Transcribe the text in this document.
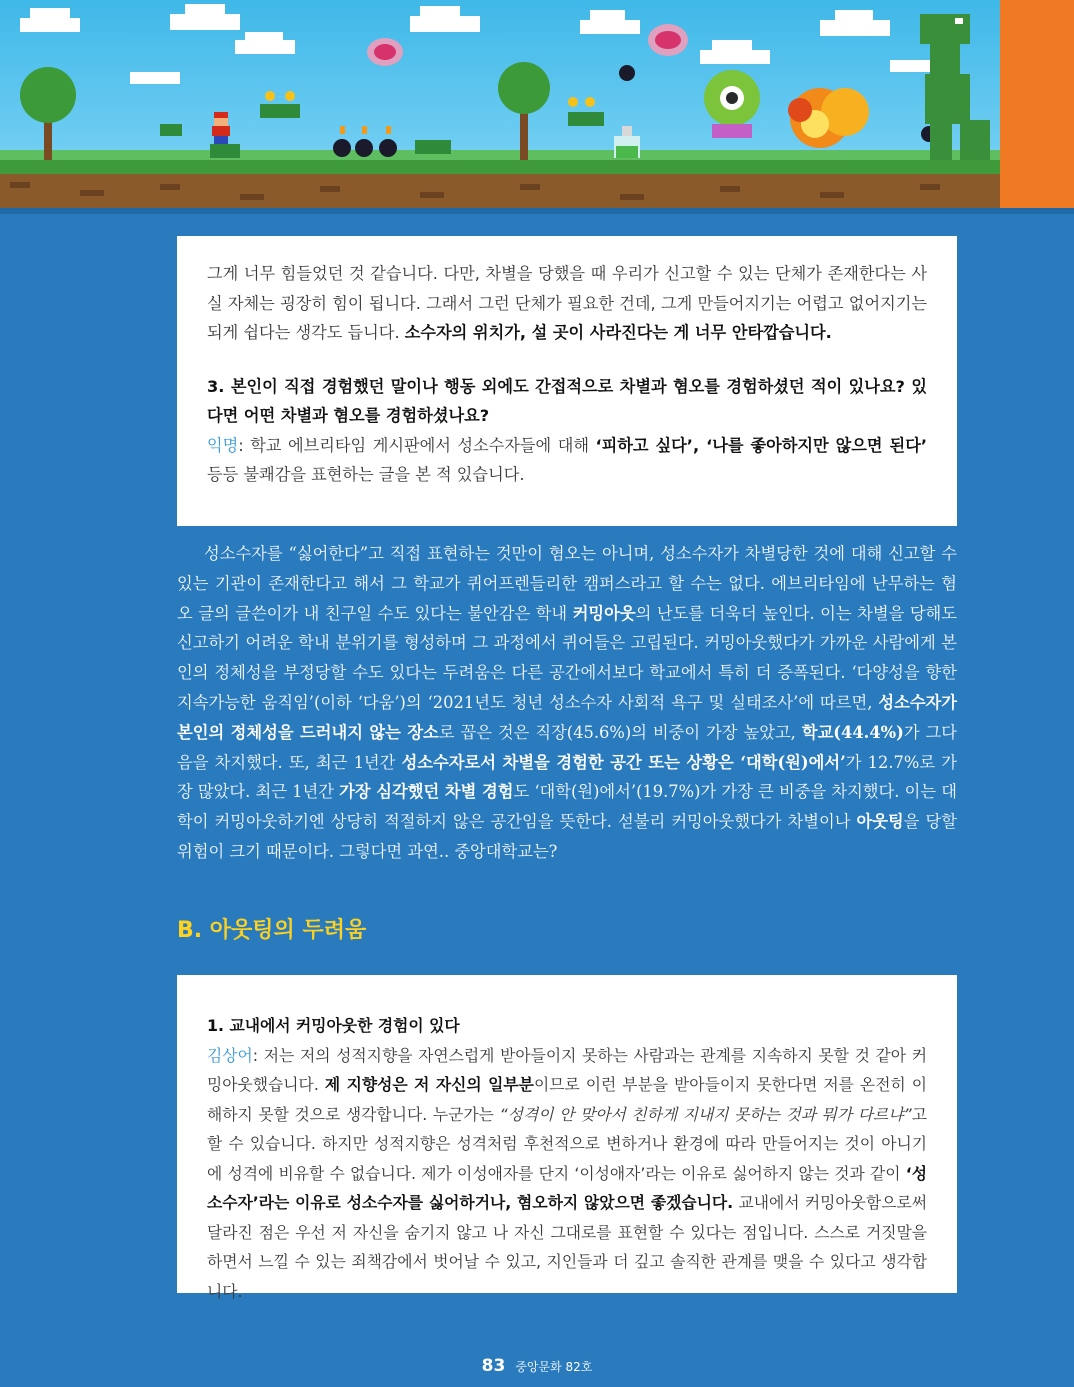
그게 너무 힘들었던 것 같습니다. 다만, 차별을 당했을 때 우리가 신고할 수 있는 단체가 존재한다는 사실 자체는 굉장히 힘이 됩니다. 그래서 그런 단체가 필요한 건데, 그게 만들어지기는 어렵고 없어지기는 되게 쉽다는 생각도 듭니다. 소수자의 위치가, 설 곳이 사라진다는 게 너무 안타깝습니다.

3. 본인이 직접 경험했던 말이나 행동 외에도 간접적으로 차별과 혐오를 경험하셨던 적이 있나요? 있다면 어떤 차별과 혐오를 경험하셨나요?

익명: 학교 에브리타임 게시판에서 성소수자들에 대해 ‘피하고 싶다’, ‘나를 좋아하지만 않으면 된다’ 등등 불쾌감을 표현하는 글을 본 적 있습니다.

성소수자를 “싫어한다”고 직접 표현하는 것만이 혐오는 아니며, 성소수자가 차별당한 것에 대해 신고할 수 있는 기관이 존재한다고 해서 그 학교가 퀴어프렌들리한 캠퍼스라고 할 수는 없다. 에브리타임에 난무하는 혐오 글의 글쓴이가 내 친구일 수도 있다는 불안감은 학내 커밍아웃의 난도를 더욱더 높인다. 이는 차별을 당해도 신고하기 어려운 학내 분위기를 형성하며 그 과정에서 퀴어들은 고립된다. 커밍아웃했다가 가까운 사람에게 본인의 정체성을 부정당할 수도 있다는 두려움은 다른 공간에서보다 학교에서 특히 더 증폭된다. ‘다양성을 향한 지속가능한 움직임’(이하 ‘다움’)의 ‘2021년도 청년 성소수자 사회적 욕구 및 실태조사’에 따르면, 성소수자가 본인의 정체성을 드러내지 않는 장소로 꼽은 것은 직장(45.6%)의 비중이 가장 높았고, 학교(44.4%)가 그다음을 차지했다. 또, 최근 1년간 성소수자로서 차별을 경험한 공간 또는 상황은 ‘대학(원)에서’가 12.7%로 가장 많았다. 최근 1년간 가장 심각했던 차별 경험도 ‘대학(원)에서’(19.7%)가 가장 큰 비중을 차지했다. 이는 대학이 커밍아웃하기엔 상당히 적절하지 않은 공간임을 뜻한다. 섣불리 커밍아웃했다가 차별이나 아웃팅을 당할 위험이 크기 때문이다. 그렇다면 과연.. 중앙대학교는?

B. 아웃팅의 두려움

1. 교내에서 커밍아웃한 경험이 있다

김상어: 저는 저의 성적지향을 자연스럽게 받아들이지 못하는 사람과는 관계를 지속하지 못할 것 같아 커밍아웃했습니다. 제 지향성은 저 자신의 일부분이므로 이런 부분을 받아들이지 못한다면 저를 온전히 이해하지 못할 것으로 생각합니다. 누군가는 “성격이 안 맞아서 친하게 지내지 못하는 것과 뭐가 다르냐”고 할 수 있습니다. 하지만 성적지향은 성격처럼 후천적으로 변하거나 환경에 따라 만들어지는 것이 아니기에 성격에 비유할 수 없습니다. 제가 이성애자를 단지 ‘이성애자’라는 이유로 싫어하지 않는 것과 같이 ‘성소수자’라는 이유로 성소수자를 싫어하거나, 혐오하지 않았으면 좋겠습니다. 교내에서 커밍아웃함으로써 달라진 점은 우선 저 자신을 숨기지 않고 나 자신 그대로를 표현할 수 있다는 점입니다. 스스로 거짓말을 하면서 느낄 수 있는 죄책감에서 벗어날 수 있고, 지인들과 더 깊고 솔직한 관계를 맺을 수 있다고 생각합니다.

83 중앙문화 82호
